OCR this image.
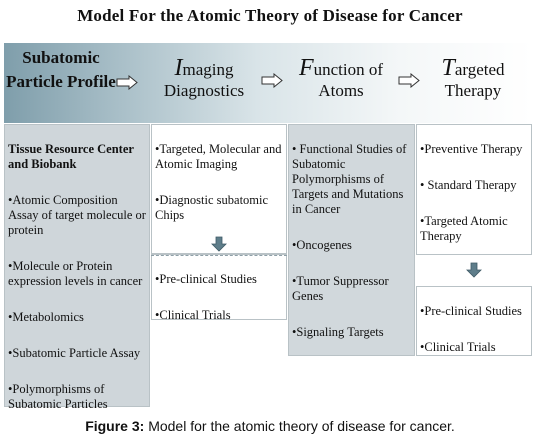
Model For the Atomic Theory of Disease for Cancer
Subatomic Particle Profile
Imaging Diagnostics
Function of Atoms
Targeted Therapy

Tissue Resource Center and Biobank

•Atomic Composition Assay of target molecule or protein

•Molecule or Protein expression levels in cancer

•Metabolomics

•Subatomic Particle Assay

•Polymorphisms of Subatomic Particles

•Targeted, Molecular and Atomic Imaging

•Diagnostic subatomic Chips

•Pre-clinical Studies

•Clinical Trials

• Functional Studies of Subatomic Polymorphisms of Targets and Mutations in Cancer

•Oncogenes

•Tumor Suppressor Genes

•Signaling Targets

•Preventive Therapy

• Standard Therapy

•Targeted Atomic Therapy

•Pre-clinical Studies

•Clinical Trials

Figure 3: Model for the atomic theory of disease for cancer.
